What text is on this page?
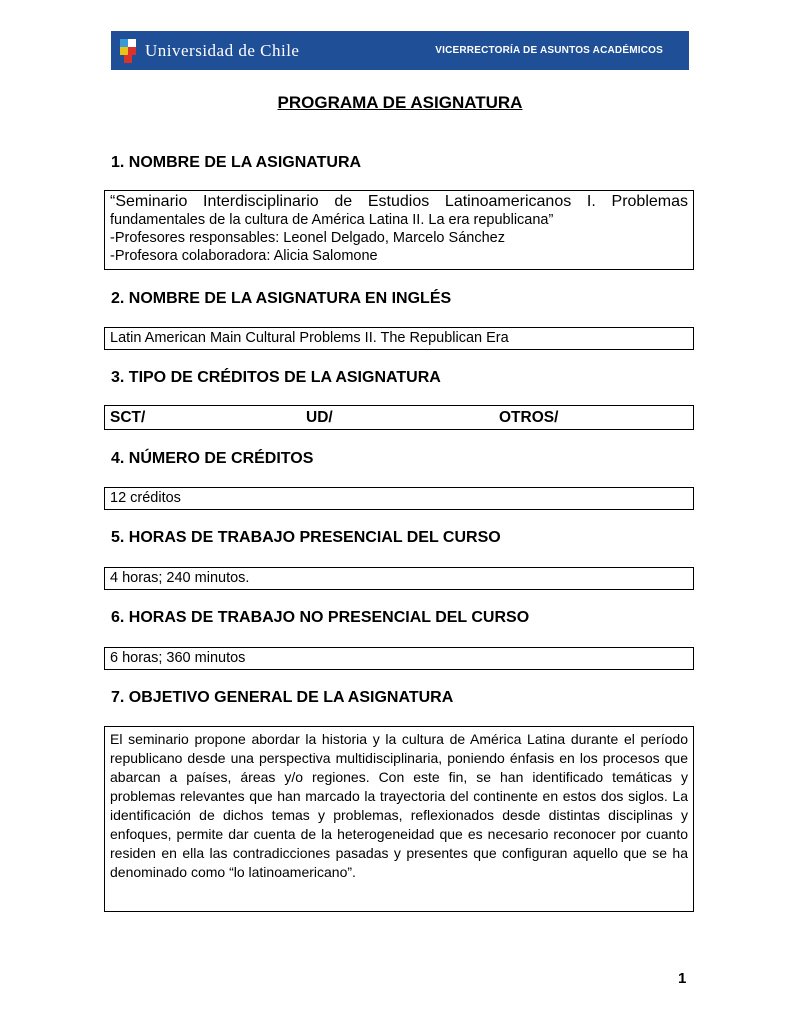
Universidad de Chile	VICERRECTORÍA DE ASUNTOS ACADÉMICOS
PROGRAMA DE ASIGNATURA
1. NOMBRE DE LA ASIGNATURA
“Seminario Interdisciplinario de Estudios Latinoamericanos I. Problemas
fundamentales de la cultura de América Latina II. La era republicana”
-Profesores responsables: Leonel Delgado, Marcelo Sánchez
-Profesora colaboradora: Alicia Salomone
2. NOMBRE DE LA ASIGNATURA EN INGLÉS
Latin American Main Cultural Problems II. The Republican Era
3. TIPO DE CRÉDITOS DE LA ASIGNATURA
SCT/	UD/	OTROS/
4. NÚMERO DE CRÉDITOS
12 créditos
5. HORAS DE TRABAJO PRESENCIAL DEL CURSO
4 horas; 240 minutos.
6. HORAS DE TRABAJO NO PRESENCIAL DEL CURSO
6 horas; 360 minutos
7. OBJETIVO GENERAL DE LA ASIGNATURA
El seminario propone abordar la historia y la cultura de América Latina durante el período republicano desde una perspectiva multidisciplinaria, poniendo énfasis en los procesos que abarcan a países, áreas y/o regiones. Con este fin, se han identificado temáticas y problemas relevantes que han marcado la trayectoria del continente en estos dos siglos. La identificación de dichos temas y problemas, reflexionados desde distintas disciplinas y enfoques, permite dar cuenta de la heterogeneidad que es necesario reconocer por cuanto residen en ella las contradicciones pasadas y presentes que configuran aquello que se ha denominado como “lo latinoamericano”.
1
